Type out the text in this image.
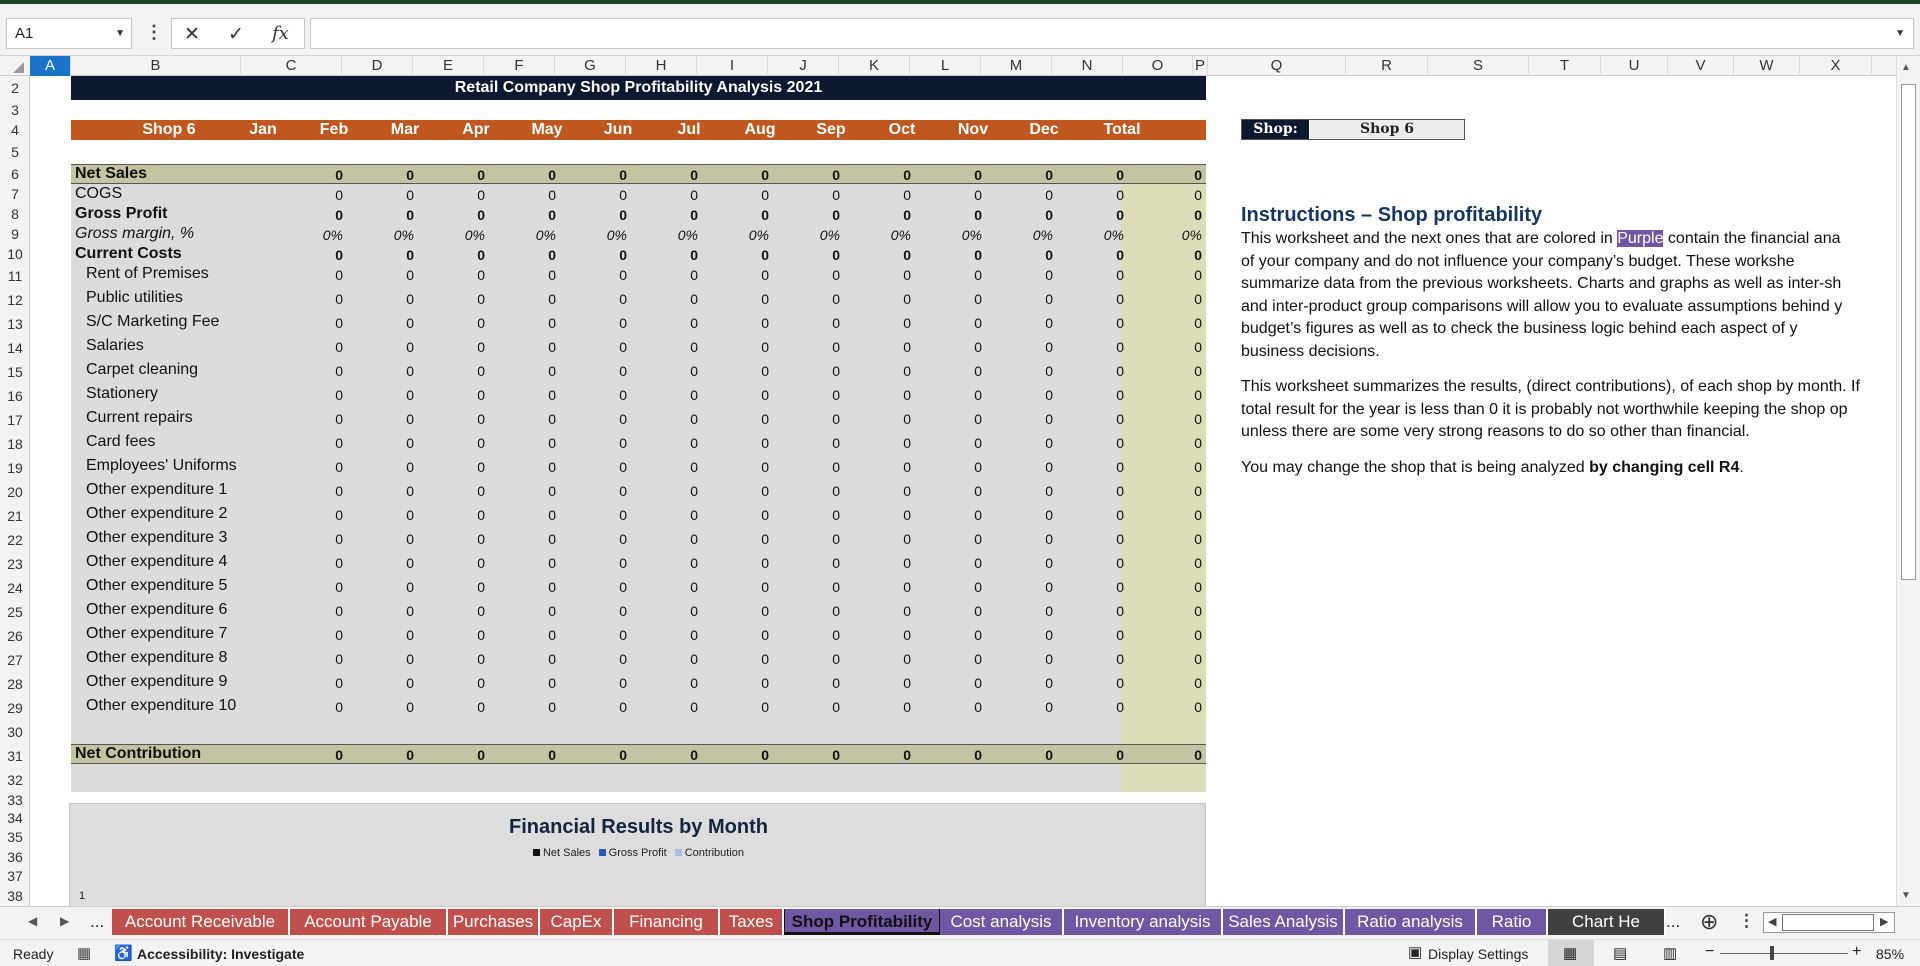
A1	▼ ⋮ ✕ ✓ fx	▼
A	B	C	D	E	F	G	H	I	J	K	L	M	N	O	P	Q	R	S	T	U	V	W	X
2
3
4
5
6
7
8
9
10
11
12
13
14
15
16
17
18
19
20
21
22
23
24
25
26
27
28
29
30
31
32
33
34
35
36
37
38
Retail Company Shop Profitability Analysis 2021
Shop 6	Jan	Feb	Mar	Apr	May	Jun	Jul	Aug	Sep	Oct	Nov	Dec	Total
Net Sales	0	0	0	0	0	0	0	0	0	0	0	0	0
COGS	0	0	0	0	0	0	0	0	0	0	0	0	0
Gross Profit	0	0	0	0	0	0	0	0	0	0	0	0	0
Gross margin, %	0%	0%	0%	0%	0%	0%	0%	0%	0%	0%	0%	0%	0%
Current Costs	0	0	0	0	0	0	0	0	0	0	0	0	0
Rent of Premises	0	0	0	0	0	0	0	0	0	0	0	0	0
Public utilities	0	0	0	0	0	0	0	0	0	0	0	0	0
S/C Marketing Fee	0	0	0	0	0	0	0	0	0	0	0	0	0
Salaries	0	0	0	0	0	0	0	0	0	0	0	0	0
Carpet cleaning	0	0	0	0	0	0	0	0	0	0	0	0	0
Stationery	0	0	0	0	0	0	0	0	0	0	0	0	0
Current repairs	0	0	0	0	0	0	0	0	0	0	0	0	0
Card fees	0	0	0	0	0	0	0	0	0	0	0	0	0
Employees' Uniforms	0	0	0	0	0	0	0	0	0	0	0	0	0
Other expenditure 1	0	0	0	0	0	0	0	0	0	0	0	0	0
Other expenditure 2	0	0	0	0	0	0	0	0	0	0	0	0	0
Other expenditure 3	0	0	0	0	0	0	0	0	0	0	0	0	0
Other expenditure 4	0	0	0	0	0	0	0	0	0	0	0	0	0
Other expenditure 5	0	0	0	0	0	0	0	0	0	0	0	0	0
Other expenditure 6	0	0	0	0	0	0	0	0	0	0	0	0	0
Other expenditure 7	0	0	0	0	0	0	0	0	0	0	0	0	0
Other expenditure 8	0	0	0	0	0	0	0	0	0	0	0	0	0
Other expenditure 9	0	0	0	0	0	0	0	0	0	0	0	0	0
Other expenditure 10	0	0	0	0	0	0	0	0	0	0	0	0	0
Net Contribution	0	0	0	0	0	0	0	0	0	0	0	0	0
Shop:	Shop 6
Instructions – Shop profitability
This worksheet and the next ones that are colored in Purple contain the financial ana
of your company and do not influence your company’s budget. These workshe
summarize data from the previous worksheets. Charts and graphs as well as inter-sh
and inter-product group comparisons will allow you to evaluate assumptions behind y
budget’s figures as well as to check the business logic behind each aspect of y
business decisions.
This worksheet summarizes the results, (direct contributions), of each shop by month. If
total result for the year is less than 0 it is probably not worthwhile keeping the shop op
unless there are some very strong reasons to do so other than financial.
You may change the shop that is being analyzed by changing cell R4.
Financial Results by Month
Net Sales Gross Profit Contribution
1
▲
▼
◀ ▶ ...	Account Receivable	Account Payable	Purchases	CapEx	Financing	Taxes	Shop Profitability	Cost analysis	Inventory analysis	Sales Analysis	Ratio analysis	Ratio	Chart He	... ⊕ ⋮ ◀	▶
Ready ▦ ♿ Accessibility: Investigate	▣ Display Settings ▦ ▤ ▥ −	+ 85%
